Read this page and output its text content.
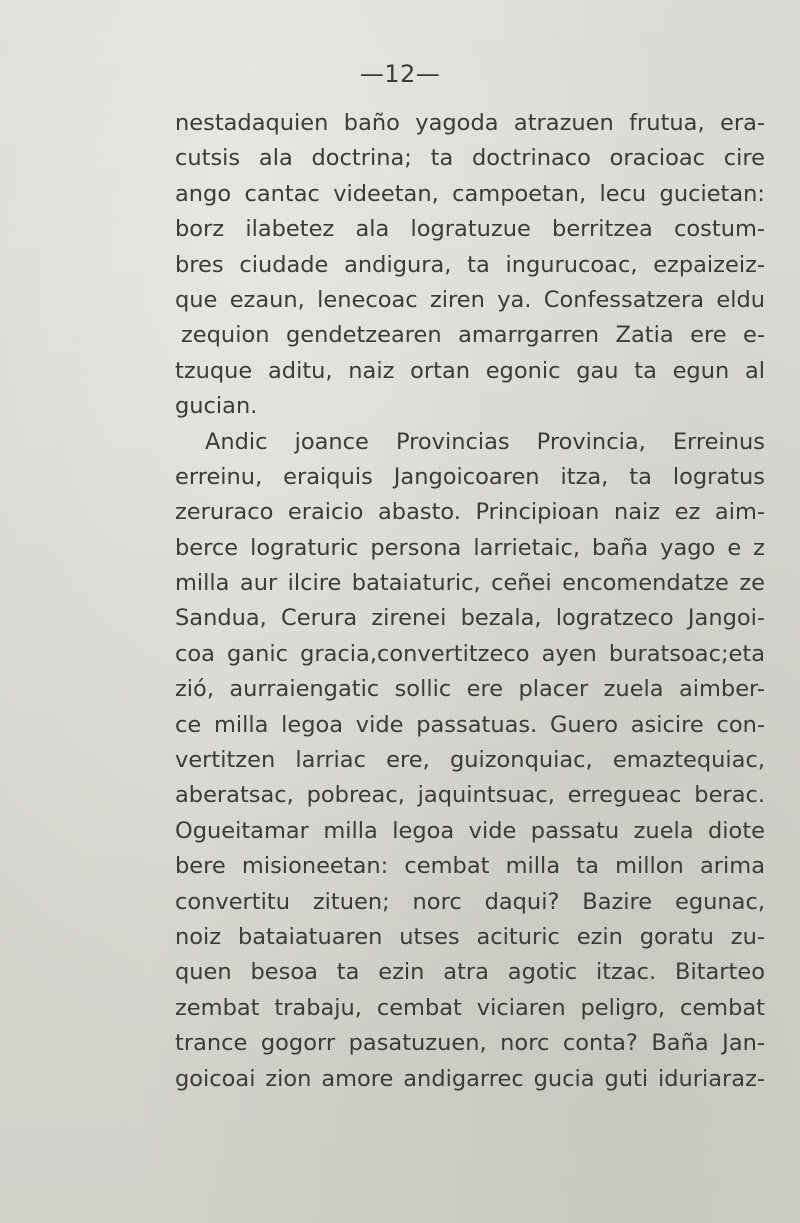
—12—
nestadaquien baño yagoda atrazuen frutua, era-
cutsis ala doctrina; ta doctrinaco oracioac cire
ango cantac videetan, campoetan, lecu gucietan:
borz ilabetez ala logratuzue berritzea costum-
bres ciudade andigura, ta ingurucoac, ezpaizeiz-
que ezaun, lenecoac ziren ya. Confessatzera eldu
zequion gendetzearen amarrgarren Zatia ere e-
tzuque aditu, naiz ortan egonic gau ta egun al
gucian.
Andic joance Provincias Provincia, Erreinus
erreinu, eraiquis Jangoicoaren itza, ta logratus
zeruraco eraicio abasto. Principioan naiz ez aim-
berce lograturic persona larrietaic, baña yago e z
milla aur ilcire bataiaturic, ceñei encomendatze ze
Sandua, Cerura zirenei bezala, logratzeco Jangoi-
coa ganic gracia,convertitzeco ayen buratsoac;eta
zió, aurraiengatic sollic ere placer zuela aimber-
ce milla legoa vide passatuas. Guero asicire con-
vertitzen larriac ere, guizonquiac, emaztequiac,
aberatsac, pobreac, jaquintsuac, erregueac berac.
Ogueitamar milla legoa vide passatu zuela diote
bere misioneetan: cembat milla ta millon arima
convertitu zituen; norc daqui? Bazire egunac,
noiz bataiatuaren utses acituric ezin goratu zu-
quen besoa ta ezin atra agotic itzac. Bitarteo
zembat trabaju, cembat viciaren peligro, cembat
trance gogorr pasatuzuen, norc conta? Baña Jan-
goicoai zion amore andigarrec gucia guti iduriaraz-
